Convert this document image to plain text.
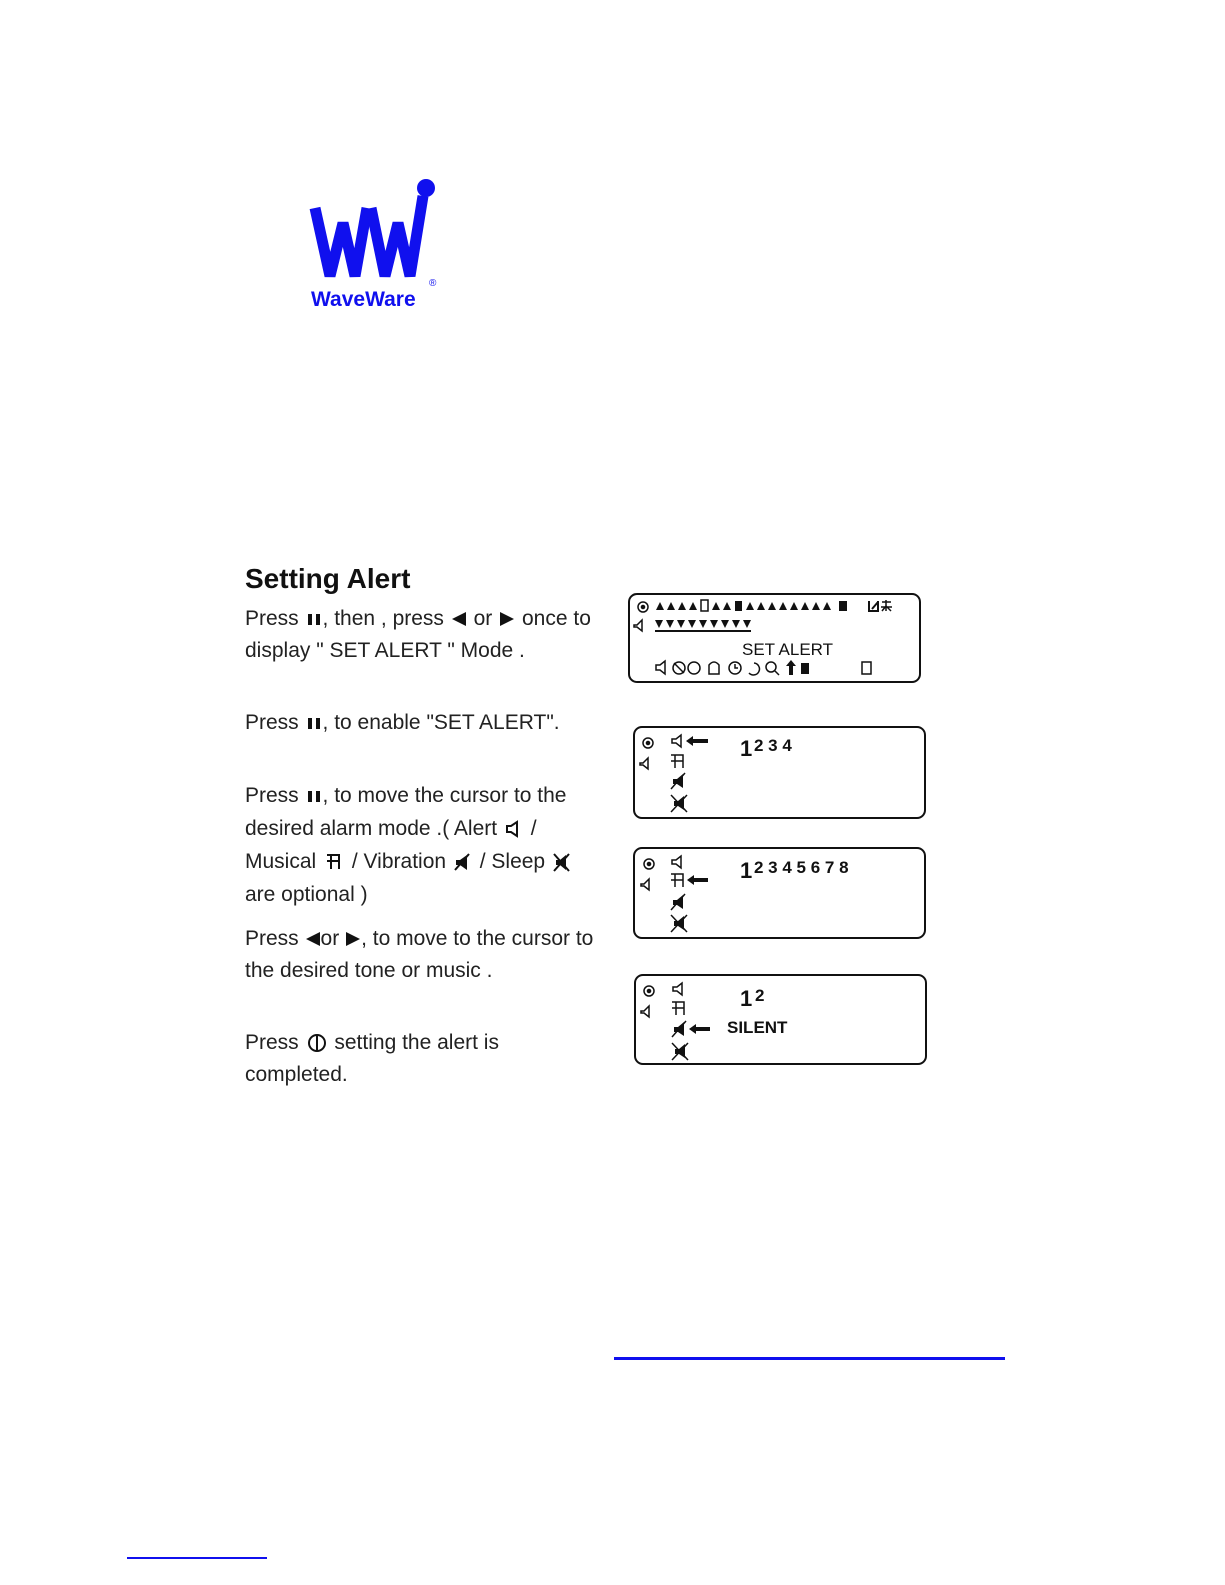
WaveWare
®
Setting Alert
Press , then , press or once to display " SET ALERT " Mode .
Press , to enable "SET ALERT".
Press , to move the cursor to the desired alarm mode .( Alert / Musical / Vibration / Sleep  are optional )
Press or , to move to the cursor to the desired tone or music .
Press setting the alert is completed.
SET ALERT
1 2 3 4
1 2 3 4 5 6 7 8
1 2
SILENT
